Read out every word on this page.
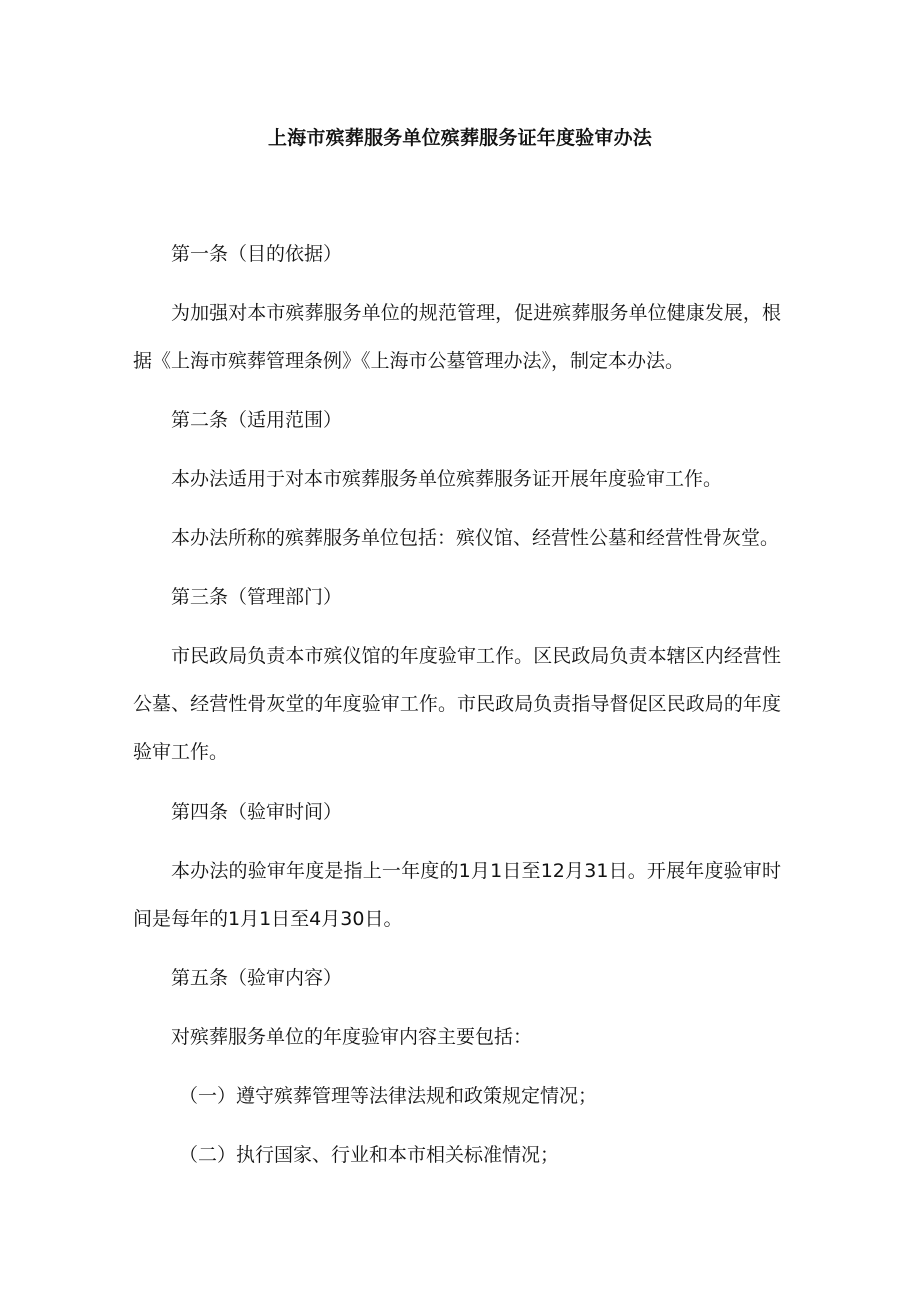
上海市殡葬服务单位殡葬服务证年度验审办法
第一条（目的依据）
为加强对本市殡葬服务单位的规范管理，促进殡葬服务单位健康发展，根据《上海市殡葬管理条例》《上海市公墓管理办法》，制定本办法。
第二条（适用范围）
本办法适用于对本市殡葬服务单位殡葬服务证开展年度验审工作。
本办法所称的殡葬服务单位包括：殡仪馆、经营性公墓和经营性骨灰堂。
第三条（管理部门）
市民政局负责本市殡仪馆的年度验审工作。区民政局负责本辖区内经营性公墓、经营性骨灰堂的年度验审工作。市民政局负责指导督促区民政局的年度验审工作。
第四条（验审时间）
本办法的验审年度是指上一年度的1月1日至12月31日。开展年度验审时间是每年的1月1日至4月30日。
第五条（验审内容）
对殡葬服务单位的年度验审内容主要包括：
（一）遵守殡葬管理等法律法规和政策规定情况；
（二）执行国家、行业和本市相关标准情况；
